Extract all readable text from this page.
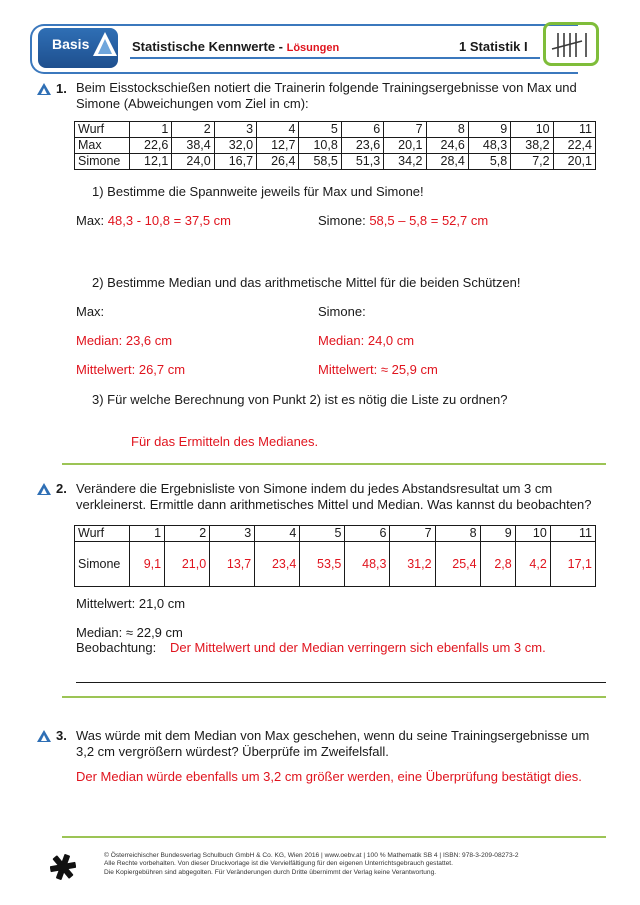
Basis	Statistische Kennwerte - Lösungen	1 Statistik I
1. Beim Eisstockschießen notiert die Trainerin folgende Trainingsergebnisse von Max und
Simone (Abweichungen vom Ziel in cm):
Wurf	1	2	3	4	5	6	7	8	9	10	11
Max	22,6	38,4	32,0	12,7	10,8	23,6	20,1	24,6	48,3	38,2	22,4
Simone	12,1	24,0	16,7	26,4	58,5	51,3	34,2	28,4	5,8	7,2	20,1
1) Bestimme die Spannweite jeweils für Max und Simone!
Max: 48,3 - 10,8 = 37,5 cm	Simone: 58,5 – 5,8 = 52,7 cm
2) Bestimme Median und das arithmetische Mittel für die beiden Schützen!
Max:	Simone:
Median: 23,6 cm	Median: 24,0 cm
Mittelwert: 26,7 cm	Mittelwert: ≈ 25,9 cm
3) Für welche Berechnung von Punkt 2) ist es nötig die Liste zu ordnen?
Für das Ermitteln des Medianes.
2. Verändere die Ergebnisliste von Simone indem du jedes Abstandsresultat um 3 cm
verkleinerst. Ermittle dann arithmetisches Mittel und Median. Was kannst du beobachten?
Wurf	1	2	3	4	5	6	7	8	9	10	11
Simone	9,1	21,0	13,7	23,4	53,5	48,3	31,2	25,4	2,8	4,2	17,1
Mittelwert: 21,0 cm
Median: ≈ 22,9 cm
Beobachtung: Der Mittelwert und der Median verringern sich ebenfalls um 3 cm.
3. Was würde mit dem Median von Max geschehen, wenn du seine Trainingsergebnisse um
3,2 cm vergrößern würdest? Überprüfe im Zweifelsfall.
Der Median würde ebenfalls um 3,2 cm größer werden, eine Überprüfung bestätigt dies.
© Österreichischer Bundesverlag Schulbuch GmbH & Co. KG, Wien 2016 | www.oebv.at | 100 % Mathematik SB 4 | ISBN: 978-3-209-08273-2
Alle Rechte vorbehalten. Von dieser Druckvorlage ist die Vervielfältigung für den eigenen Unterrichtsgebrauch gestattet.
Die Kopiergebühren sind abgegolten. Für Veränderungen durch Dritte übernimmt der Verlag keine Verantwortung.
